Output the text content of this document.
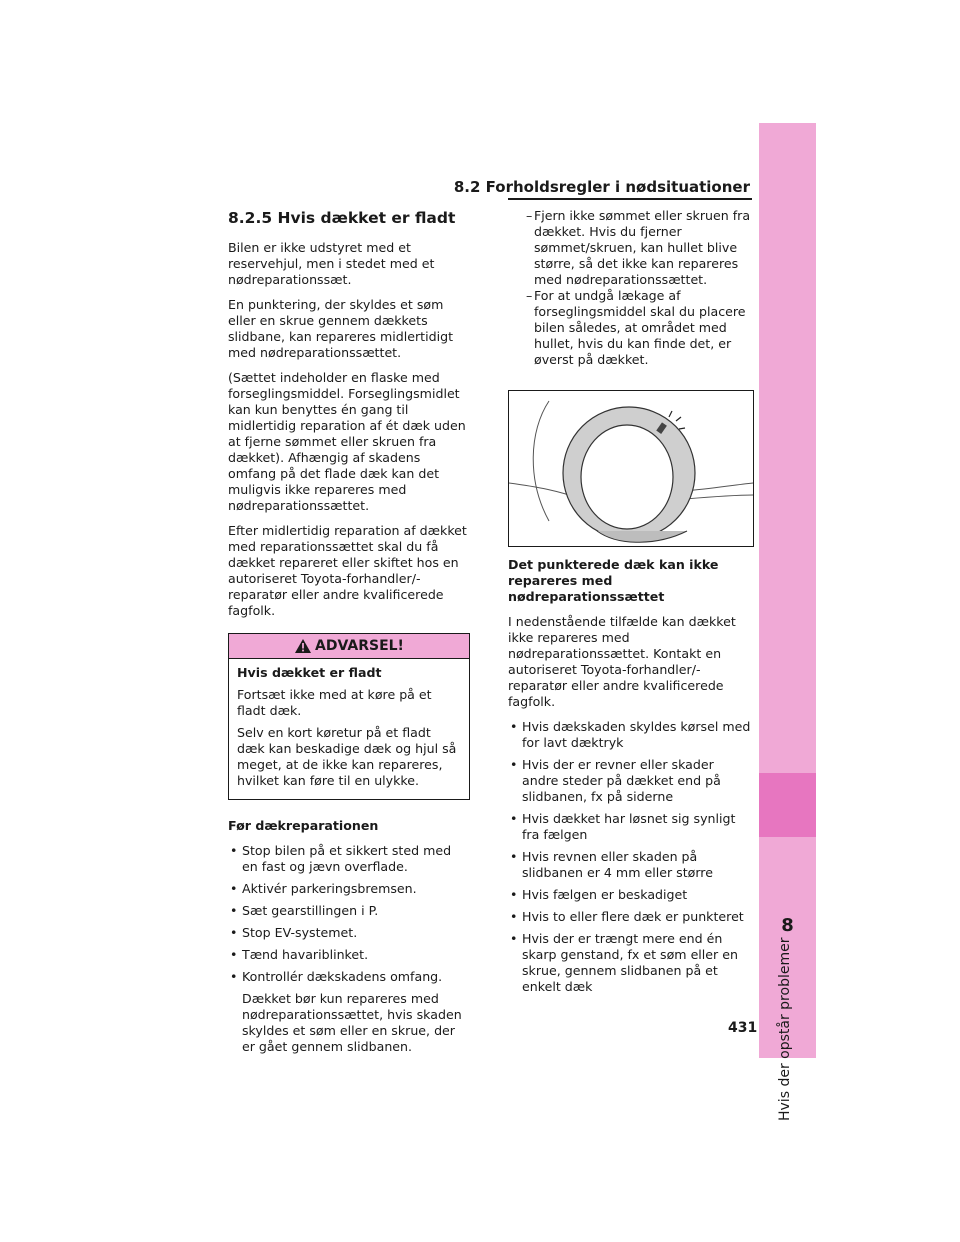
8
Hvis der opstår problemer
8.2 Forholdsregler i nødsituationer
8.2.5 Hvis dækket er fladt

Bilen er ikke udstyret med et reservehjul, men i stedet med et nødreparationssæt.

En punktering, der skyldes et søm eller en skrue gennem dækkets slidbane, kan repareres midlertidigt med nødreparationssættet.

(Sættet indeholder en flaske med forseglingsmiddel. Forseglingsmidlet kan kun benyttes én gang til midlertidig reparation af ét dæk uden at fjerne sømmet eller skruen fra dækket). Afhængig af skadens omfang på det flade dæk kan det muligvis ikke repareres med nødreparationssættet.

Efter midlertidig reparation af dækket med reparationssættet skal du få dækket repareret eller skiftet hos en autoriseret Toyota-forhandler/-reparatør eller andre kvalificerede fagfolk.

ADVARSEL!

Hvis dækket er fladt

Fortsæt ikke med at køre på et fladt dæk.

Selv en kort køretur på et fladt dæk kan beskadige dæk og hjul så meget, at de ikke kan repareres, hvilket kan føre til en ulykke.

Før dækreparationen

• Stop bilen på et sikkert sted med en fast og jævn overflade.
• Aktivér parkeringsbremsen.
• Sæt gearstillingen i P.
• Stop EV-systemet.
• Tænd havariblinket.
• Kontrollér dækskadens omfang.

Dækket bør kun repareres med nødreparationssættet, hvis skaden skyldes et søm eller en skrue, der er gået gennem slidbanen.

– Fjern ikke sømmet eller skruen fra dækket. Hvis du fjerner sømmet/skruen, kan hullet blive større, så det ikke kan repareres med nødreparationssættet.
– For at undgå lækage af forseglingsmiddel skal du placere bilen således, at området med hullet, hvis du kan finde det, er øverst på dækket.

Det punkterede dæk kan ikke repareres med nødreparationssættet

I nedenstående tilfælde kan dækket ikke repareres med nødreparationssættet. Kontakt en autoriseret Toyota-forhandler/-reparatør eller andre kvalificerede fagfolk.

• Hvis dækskaden skyldes kørsel med for lavt dæktryk
• Hvis der er revner eller skader andre steder på dækket end på slidbanen, fx på siderne
• Hvis dækket har løsnet sig synligt fra fælgen
• Hvis revnen eller skaden på slidbanen er 4 mm eller større
• Hvis fælgen er beskadiget
• Hvis to eller flere dæk er punkteret
• Hvis der er trængt mere end én skarp genstand, fx et søm eller en skrue, gennem slidbanen på et enkelt dæk
431
